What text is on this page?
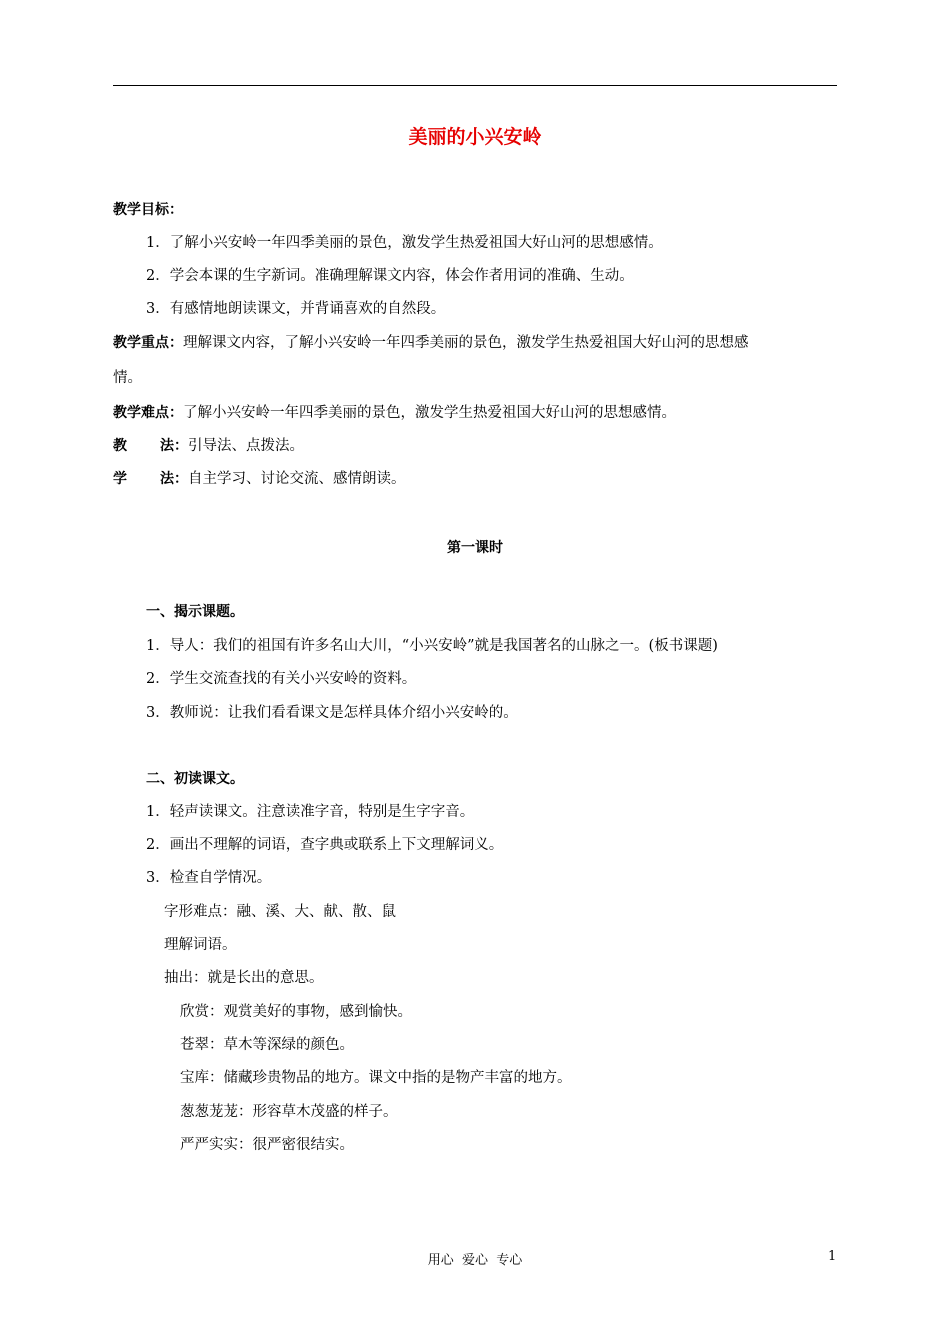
美丽的小兴安岭
教学目标：
1．了解小兴安岭一年四季美丽的景色，激发学生热爱祖国大好山河的思想感情。
2．学会本课的生字新词。准确理解课文内容，体会作者用词的准确、生动。
3．有感情地朗读课文，并背诵喜欢的自然段。
教学重点：理解课文内容，了解小兴安岭一年四季美丽的景色，激发学生热爱祖国大好山河的思想感
情。
教学难点：了解小兴安岭一年四季美丽的景色，激发学生热爱祖国大好山河的思想感情。
教 法：引导法、点拨法。
学 法：自主学习、讨论交流、感情朗读。
第一课时
一、揭示课题。
1．导人：我们的祖国有许多名山大川，“小兴安岭”就是我国著名的山脉之一。(板书课题)
2．学生交流查找的有关小兴安岭的资料。
3．教师说：让我们看看课文是怎样具体介绍小兴安岭的。
二、初读课文。
1．轻声读课文。注意读准字音，特别是生字字音。
2．画出不理解的词语，查字典或联系上下文理解词义。
3．检查自学情况。
字形难点：融、溪、大、献、散、鼠
理解词语。
抽出：就是长出的意思。
欣赏：观赏美好的事物，感到愉快。
苍翠：草木等深绿的颜色。
宝库：储藏珍贵物品的地方。课文中指的是物产丰富的地方。
葱葱茏茏：形容草木茂盛的样子。
严严实实：很严密很结实。
用心  爱心  专心	1
